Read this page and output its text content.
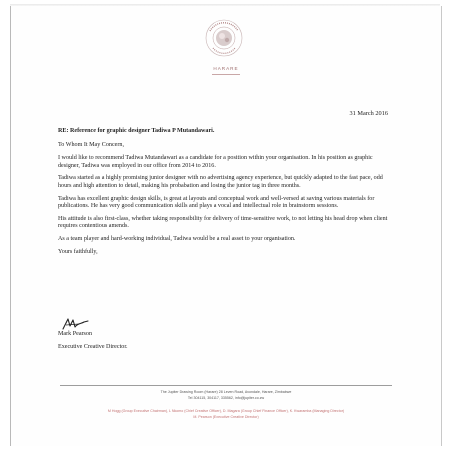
HARARE
31 March 2016

RE: Reference for graphic designer Tadiwa P Mutandawari.

To Whom It May Concern,

I would like to recommend Tadiwa Mutandawari as a candidate for a position within your organisation. In his position as graphic designer, Tadiwa was employed in our office from 2014 to 2016.

Tadiwa started as a highly promising junior designer with no advertising agency experience, but quickly adapted to the fast pace, odd hours and high attention to detail, making his probabation and losing the junior tag in three months.

Tadiwa has excellent graphic design skills, is great at layouts and conceptual work and well-versed at saving various materials for publications. He has very good communication skills and plays a vocal and intellectual role in brainstorm sessions.

His attitude is also first-class, whether taking responsibility for delivery of time-sensitive work, to not letting his head drop when client requires contentious amends.

As a team player and hard-working individual, Tadiwa would be a real asset to your organisation.

Yours faithfully,

Mark Pearson
Executive Creative Director.
The Jupiter Drawing Room (Harare) 28 Leven Road, Avondale, Harare, Zimbabwe
Tel 304115, 304117, 335562, info@jupiter.co.zw
M Hogg (Group Executive Chairman), L Nkomo (Chief Creative Officer), D. Magara (Group Chief Finance Officer), K. Kwaramba (Managing Director)
M. Pearson (Executive Creative Director)
